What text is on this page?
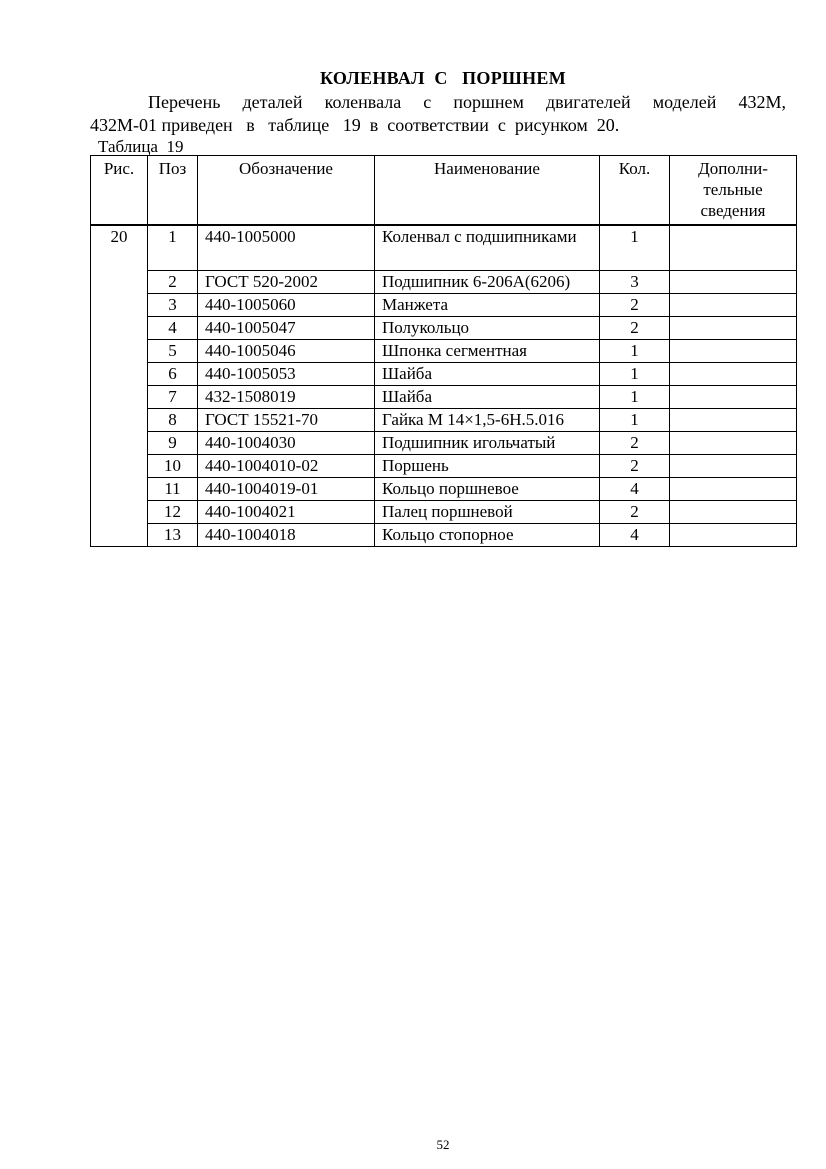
КОЛЕНВАЛ  С   ПОРШНЕМ
Перечень деталей коленвала с поршнем двигателей моделей 432М,
432М-01 приведен   в   таблице   19  в  соответствии  с  рисунком  20.
Таблица  19
Рис.	Поз	Обозначение	Наименование	Кол.	Дополни-
тельные
сведения
20	1	440-1005000	Коленвал с подшипниками	1	
	2	ГОСТ 520-2002	Подшипник 6-206А(6206)	3	
	3	440-1005060	Манжета	2	
	4	440-1005047	Полукольцо	2	
	5	440-1005046	Шпонка сегментная	1	
	6	440-1005053	Шайба	1	
	7	432-1508019	Шайба	1	
	8	ГОСТ 15521-70	Гайка М 14×1,5-6Н.5.016	1	
	9	440-1004030	Подшипник игольчатый	2	
	10	440-1004010-02	Поршень	2	
	11	440-1004019-01	Кольцо поршневое	4	
	12	440-1004021	Палец поршневой	2	
	13	440-1004018	Кольцо стопорное	4	
52
